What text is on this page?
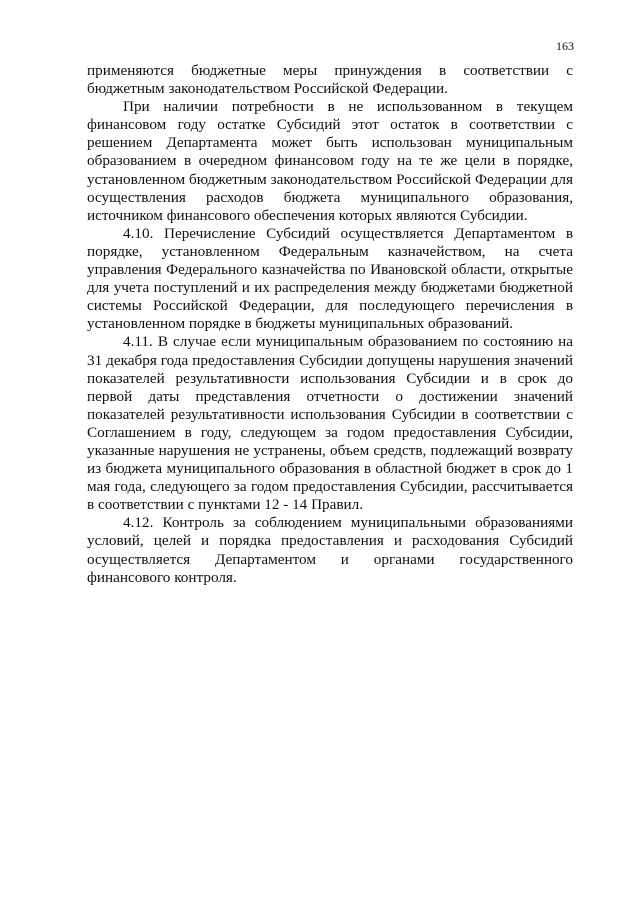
163

применяются бюджетные меры принуждения в соответствии с бюджетным законодательством Российской Федерации.

При наличии потребности в не использованном в текущем финансовом году остатке Субсидий этот остаток в соответствии с решением Департамента может быть использован муниципальным образованием в очередном финансовом году на те же цели в порядке, установленном бюджетным законодательством Российской Федерации для осуществления расходов бюджета муниципального образования, источником финансового обеспечения которых являются Субсидии.

4.10. Перечисление Субсидий осуществляется Департаментом в порядке, установленном Федеральным казначейством, на счета управления Федерального казначейства по Ивановской области, открытые для учета поступлений и их распределения между бюджетами бюджетной системы Российской Федерации, для последующего перечисления в установленном порядке в бюджеты муниципальных образований.

4.11. В случае если муниципальным образованием по состоянию на 31 декабря года предоставления Субсидии допущены нарушения значений показателей результативности использования Субсидии и в срок до первой даты представления отчетности о достижении значений показателей результативности использования Субсидии в соответствии с Соглашением в году, следующем за годом предоставления Субсидии, указанные нарушения не устранены, объем средств, подлежащий возврату из бюджета муниципального образования в областной бюджет в срок до 1 мая года, следующего за годом предоставления Субсидии, рассчитывается в соответствии с пунктами 12 - 14 Правил.

4.12. Контроль за соблюдением муниципальными образованиями условий, целей и порядка предоставления и расходования Субсидий осуществляется Департаментом и органами государственного финансового контроля.
